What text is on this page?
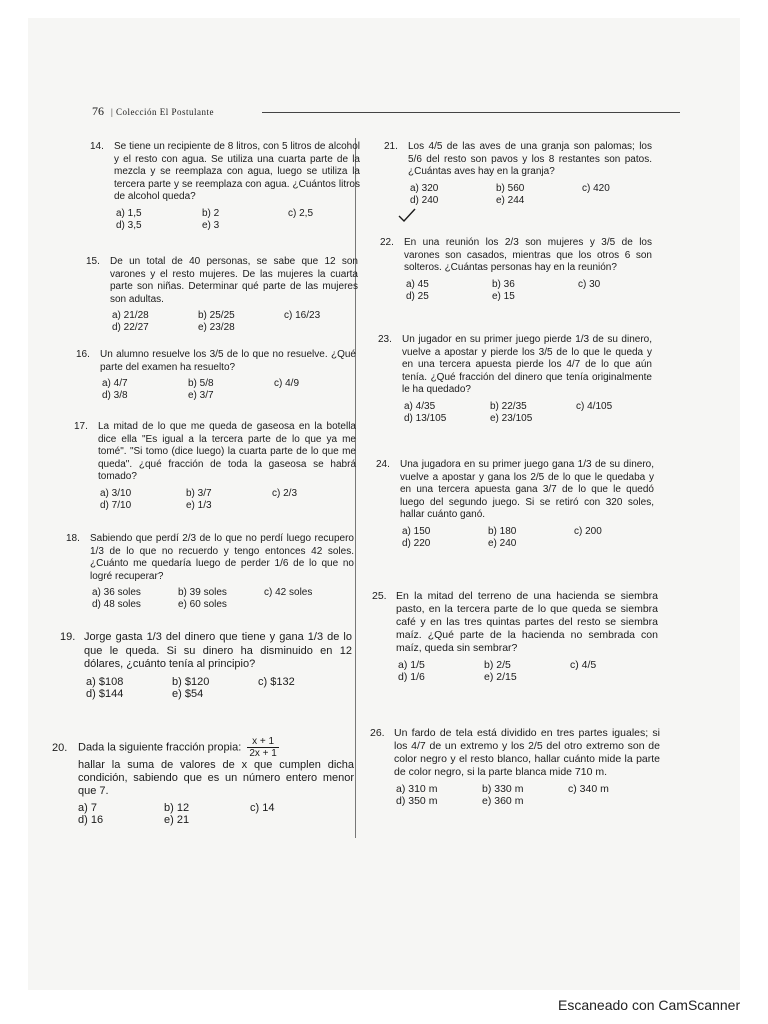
76 | Colección El Postulante
14. Se tiene un recipiente de 8 litros, con 5 litros de alcohol y el resto con agua. Se utiliza una cuarta parte de la mezcla y se reemplaza con agua, luego se utiliza la tercera parte y se reemplaza con agua. ¿Cuántos litros de alcohol queda?

a) 1,5	b) 2	c) 2,5
d) 3,5	e) 3
15. De un total de 40 personas, se sabe que 12 son varones y el resto mujeres. De las mujeres la cuarta parte son niñas. Determinar qué parte de las mujeres son adultas.

a) 21/28	b) 25/25	c) 16/23
d) 22/27	e) 23/28
16. Un alumno resuelve los 3/5 de lo que no resuelve. ¿Qué parte del examen ha resuelto?

a) 4/7	b) 5/8	c) 4/9
d) 3/8	e) 3/7
17. La mitad de lo que me queda de gaseosa en la botella dice ella "Es igual a la tercera parte de lo que ya me tomé". "Si tomo (dice luego) la cuarta parte de lo que me queda". ¿qué fracción de toda la gaseosa se habrá tomado?

a) 3/10	b) 3/7	c) 2/3
d) 7/10	e) 1/3
18. Sabiendo que perdí 2/3 de lo que no perdí luego recupero 1/3 de lo que no recuerdo y tengo entonces 42 soles. ¿Cuánto me quedaría luego de perder 1/6 de lo que no logré recuperar?

a) 36 soles	b) 39 soles	c) 42 soles
d) 48 soles	e) 60 soles
19. Jorge gasta 1/3 del dinero que tiene y gana 1/3 de lo que le queda. Si su dinero ha disminuido en 12 dólares, ¿cuánto tenía al principio?

a) $108	b) $120	c) $132
d) $144	e) $54
20. Dada la siguiente fracción propia: $\frac{x + 1}{2x + 1}$

hallar la suma de valores de x que cumplen dicha condición, sabiendo que es un número entero menor que 7.

a) 7	b) 12	c) 14
d) 16	e) 21
21. Los 4/5 de las aves de una granja son palomas; los 5/6 del resto son pavos y los 8 restantes son patos. ¿Cuántas aves hay en la granja?

a) 320	b) 560	c) 420
d) 240	e) 244
22. En una reunión los 2/3 son mujeres y 3/5 de los varones son casados, mientras que los otros 6 son solteros. ¿Cuántas personas hay en la reunión?

a) 45	b) 36	c) 30
d) 25	e) 15
23. Un jugador en su primer juego pierde 1/3 de su dinero, vuelve a apostar y pierde los 3/5 de lo que le queda y en una tercera apuesta pierde los 4/7 de lo que aún tenía. ¿Qué fracción del dinero que tenía originalmente le ha quedado?

a) 4/35	b) 22/35	c) 4/105
d) 13/105	e) 23/105
24. Una jugadora en su primer juego gana 1/3 de su dinero, vuelve a apostar y gana los 2/5 de lo que le quedaba y en una tercera apuesta gana 3/7 de lo que le quedó luego del segundo juego. Si se retiró con 320 soles, hallar cuánto ganó.

a) 150	b) 180	c) 200
d) 220	e) 240
25. En la mitad del terreno de una hacienda se siembra pasto, en la tercera parte de lo que queda se siembra café y en las tres quintas partes del resto se siembra maíz. ¿Qué parte de la hacienda no sembrada con maíz, queda sin sembrar?

a) 1/5	b) 2/5	c) 4/5
d) 1/6	e) 2/15
26. Un fardo de tela está dividido en tres partes iguales; si los 4/7 de un extremo y los 2/5 del otro extremo son de color negro y el resto blanco, hallar cuánto mide la parte de color negro, si la parte blanca mide 710 m.

a) 310 m	b) 330 m	c) 340 m
d) 350 m	e) 360 m
Escaneado con CamScanner
